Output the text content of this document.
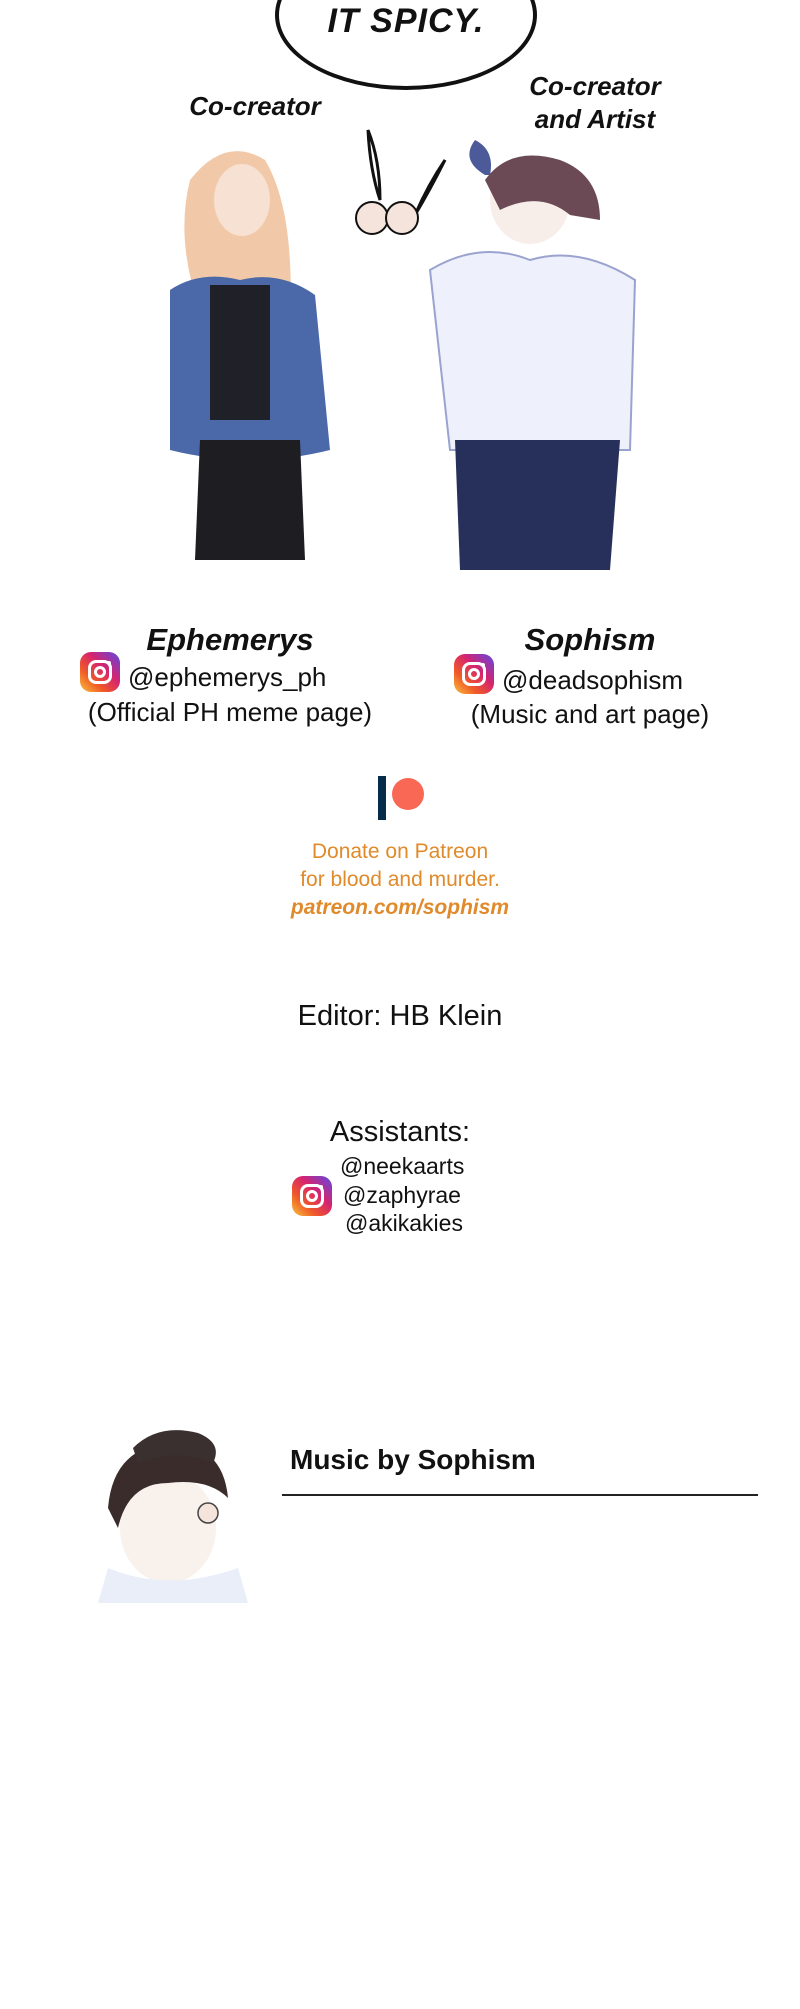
IT SPICY.
Co-creator
Co-creator
and Artist
Ephemerys	Sophism
@ephemerys_ph	@deadsophism
(Official PH meme page)	(Music and art page)
Donate on Patreon
for blood and murder.
patreon.com/sophism
Editor: HB Klein
Assistants:
@neekaarts
@zaphyrae
@akikakies
Music by Sophism
